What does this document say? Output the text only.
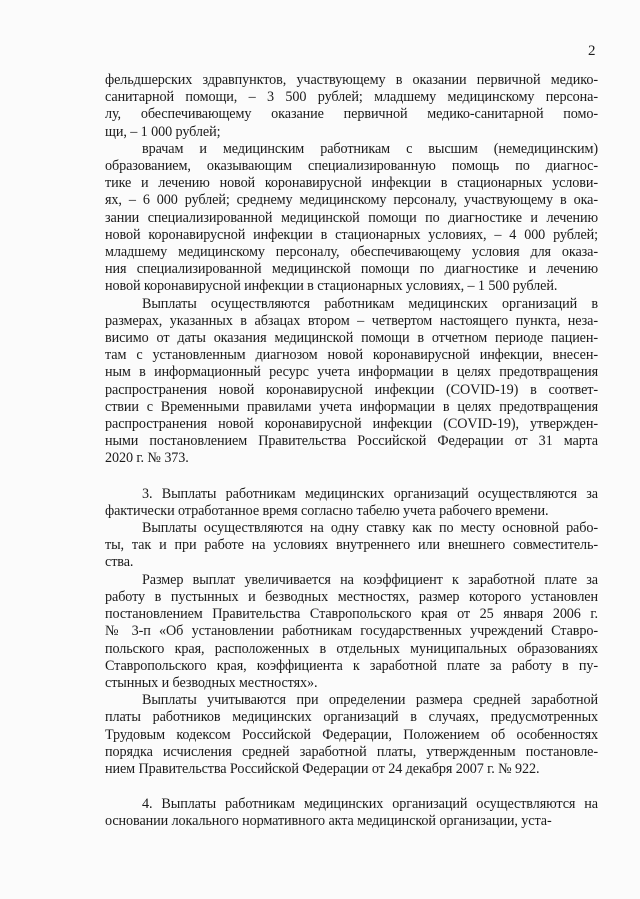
2

фельдшерских здравпунктов, участвующему в оказании первичной медико-
санитарной помощи, – 3 500 рублей; младшему медицинскому персона-
лу, обеспечивающему оказание первичной медико-санитарной помо-
щи, – 1 000 рублей;

врачам и медицинским работникам с высшим (немедицинским)
образованием, оказывающим специализированную помощь по диагнос-
тике и лечению новой коронавирусной инфекции в стационарных услови-
ях, – 6 000 рублей; среднему медицинскому персоналу, участвующему в ока-
зании специализированной медицинской помощи по диагностике и лечению
новой коронавирусной инфекции в стационарных условиях, – 4 000 рублей;
младшему медицинскому персоналу, обеспечивающему условия для оказа-
ния специализированной медицинской помощи по диагностике и лечению
новой коронавирусной инфекции в стационарных условиях, – 1 500 рублей.

Выплаты осуществляются работникам медицинских организаций в
размерах, указанных в абзацах втором – четвертом настоящего пункта, неза-
висимо от даты оказания медицинской помощи в отчетном периоде пациен-
там с установленным диагнозом новой коронавирусной инфекции, внесен-
ным в информационный ресурс учета информации в целях предотвращения
распространения новой коронавирусной инфекции (COVID-19) в соответ-
ствии с Временными правилами учета информации в целях предотвращения
распространения новой коронавирусной инфекции (COVID-19), утвержден-
ными постановлением Правительства Российской Федерации от 31 марта
2020 г. № 373.

3. Выплаты работникам медицинских организаций осуществляются за
фактически отработанное время согласно табелю учета рабочего времени.

Выплаты осуществляются на одну ставку как по месту основной рабо-
ты, так и при работе на условиях внутреннего или внешнего совместитель-
ства.

Размер выплат увеличивается на коэффициент к заработной плате за
работу в пустынных и безводных местностях, размер которого установлен
постановлением Правительства Ставропольского края от 25 января 2006 г.
№ 3-п «Об установлении работникам государственных учреждений Ставро-
польского края, расположенных в отдельных муниципальных образованиях
Ставропольского края, коэффициента к заработной плате за работу в пу-
стынных и безводных местностях».

Выплаты учитываются при определении размера средней заработной
платы работников медицинских организаций в случаях, предусмотренных
Трудовым кодексом Российской Федерации, Положением об особенностях
порядка исчисления средней заработной платы, утвержденным постановле-
нием Правительства Российской Федерации от 24 декабря 2007 г. № 922.

4. Выплаты работникам медицинских организаций осуществляются на
основании локального нормативного акта медицинской организации, уста-
